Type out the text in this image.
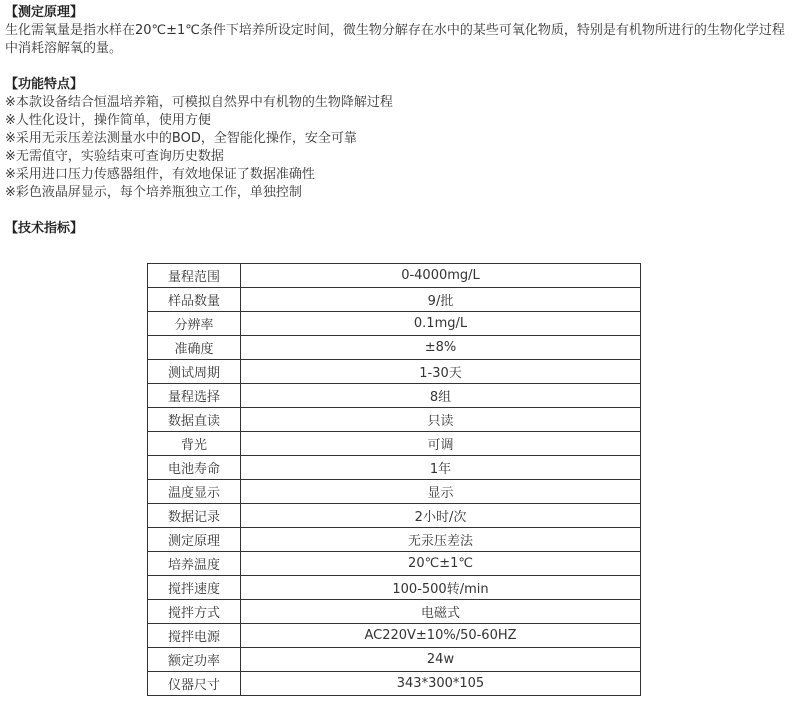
【测定原理】

生化需氧量是指水样在20℃±1℃条件下培养所设定时间，微生物分解存在水中的某些可氧化物质，特别是有机物所进行的生物化学过程中消耗溶解氧的量。

【功能特点】

※本款设备结合恒温培养箱，可模拟自然界中有机物的生物降解过程
※人性化设计，操作简单，使用方便
※采用无汞压差法测量水中的BOD，全智能化操作，安全可靠
※无需值守，实验结束可查询历史数据
※采用进口压力传感器组件，有效地保证了数据准确性
※彩色液晶屏显示，每个培养瓶独立工作，单独控制

【技术指标】

量程范围	0-4000mg/L
样品数量	9/批
分辨率	0.1mg/L
准确度	±8%
测试周期	1-30天
量程选择	8组
数据直读	只读
背光	可调
电池寿命	1年
温度显示	显示
数据记录	2小时/次
测定原理	无汞压差法
培养温度	20℃±1℃
搅拌速度	100-500转/min
搅拌方式	电磁式
搅拌电源	AC220V±10%/50-60HZ
额定功率	24w
仪器尺寸	343*300*105
